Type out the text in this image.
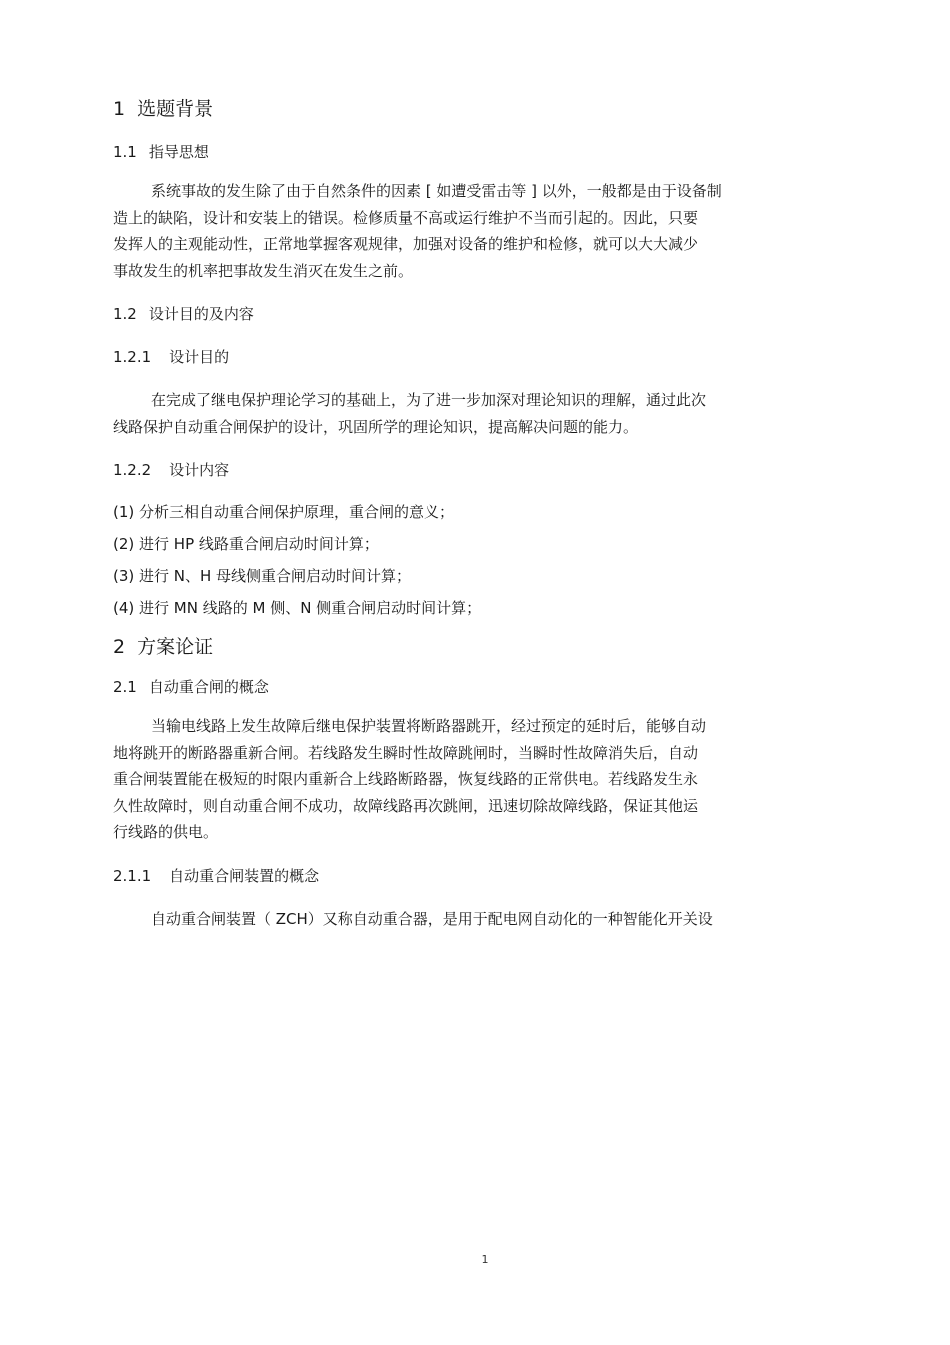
1 选题背景
1.1 指导思想
系统事故的发生除了由于自然条件的因素 [ 如遭受雷击等 ] 以外，一般都是由于设备制
造上的缺陷，设计和安装上的错误。检修质量不高或运行维护不当而引起的。因此，只要
发挥人的主观能动性，正常地掌握客观规律，加强对设备的维护和检修，就可以大大减少
事故发生的机率把事故发生消灭在发生之前。
1.2 设计目的及内容
1.2.1 设计目的
在完成了继电保护理论学习的基础上，为了进一步加深对理论知识的理解，通过此次
线路保护自动重合闸保护的设计，巩固所学的理论知识，提高解决问题的能力。
1.2.2 设计内容
(1) 分析三相自动重合闸保护原理，重合闸的意义；
(2) 进行 HP 线路重合闸启动时间计算；
(3) 进行 N、H 母线侧重合闸启动时间计算；
(4) 进行 MN 线路的 M 侧、N 侧重合闸启动时间计算；
2 方案论证
2.1 自动重合闸的概念
当输电线路上发生故障后继电保护装置将断路器跳开，经过预定的延时后，能够自动
地将跳开的断路器重新合闸。若线路发生瞬时性故障跳闸时，当瞬时性故障消失后，自动
重合闸装置能在极短的时限内重新合上线路断路器，恢复线路的正常供电。若线路发生永
久性故障时，则自动重合闸不成功，故障线路再次跳闸，迅速切除故障线路，保证其他运
行线路的供电。
2.1.1 自动重合闸装置的概念
自动重合闸装置（ ZCH）又称自动重合器，是用于配电网自动化的一种智能化开关设
1
